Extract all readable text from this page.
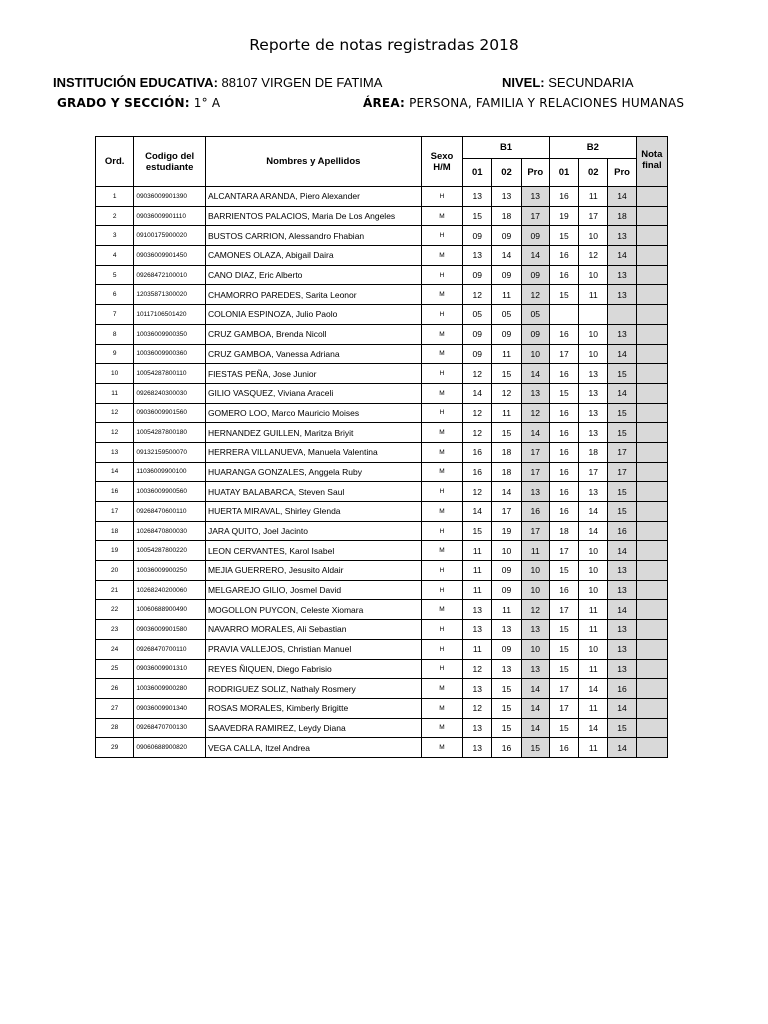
Reporte de notas registradas 2018
INSTITUCIÓN EDUCATIVA: 88107 VIRGEN DE FATIMA	NIVEL: SECUNDARIA
GRADO Y SECCIÓN: 1° A	ÁREA: PERSONA, FAMILIA Y RELACIONES HUMANAS
Ord.	Codigo del estudiante	Nombres y Apellidos	Sexo H/M	B1			B2			Nota final
				01	02	Pro	01	02	Pro	
1	09036009901390	ALCANTARA ARANDA, Piero Alexander	H	13	13	13	16	11	14	
2	09036009901110	BARRIENTOS PALACIOS, Maria De Los Angeles	M	15	18	17	19	17	18	
3	09100175900020	BUSTOS CARRION, Alessandro Fhabian	H	09	09	09	15	10	13	
4	09036009901450	CAMONES OLAZA, Abigail Daira	M	13	14	14	16	12	14	
5	09268472100010	CANO DIAZ, Eric Alberto	H	09	09	09	16	10	13	
6	12035871300020	CHAMORRO PAREDES, Sarita Leonor	M	12	11	12	15	11	13	
7	10117106501420	COLONIA ESPINOZA, Julio Paolo	H	05	05	05				
8	10036009900350	CRUZ GAMBOA, Brenda Nicoll	M	09	09	09	16	10	13	
9	10036009900360	CRUZ GAMBOA, Vanessa Adriana	M	09	11	10	17	10	14	
10	10054287800110	FIESTAS PEÑA, Jose Junior	H	12	15	14	16	13	15	
11	09268240300030	GILIO VASQUEZ, Viviana Araceli	M	14	12	13	15	13	14	
12	09036009901560	GOMERO LOO, Marco Mauricio Moises	H	12	11	12	16	13	15	
12	10054287800180	HERNANDEZ GUILLEN, Maritza Briyit	M	12	15	14	16	13	15	
13	09132159500070	HERRERA VILLANUEVA, Manuela Valentina	M	16	18	17	16	18	17	
14	11036009900100	HUARANGA GONZALES, Anggela Ruby	M	16	18	17	16	17	17	
16	10036009900560	HUATAY BALABARCA, Steven Saul	H	12	14	13	16	13	15	
17	09268470600110	HUERTA MIRAVAL, Shirley Glenda	M	14	17	16	16	14	15	
18	10268470800030	JARA QUITO, Joel Jacinto	H	15	19	17	18	14	16	
19	10054287800220	LEON CERVANTES, Karol Isabel	M	11	10	11	17	10	14	
20	10036009900250	MEJIA GUERRERO, Jesusito Aldair	H	11	09	10	15	10	13	
21	10268240200060	MELGAREJO GILIO, Josmel David	H	11	09	10	16	10	13	
22	10060688900490	MOGOLLON PUYCON, Celeste Xiomara	M	13	11	12	17	11	14	
23	09036009901580	NAVARRO MORALES, Ali Sebastian	H	13	13	13	15	11	13	
24	09268470700110	PRAVIA VALLEJOS, Christian Manuel	H	11	09	10	15	10	13	
25	09036009901310	REYES ÑIQUEN, Diego Fabrisio	H	12	13	13	15	11	13	
26	10036009900280	RODRIGUEZ SOLIZ, Nathaly Rosmery	M	13	15	14	17	14	16	
27	09036009901340	ROSAS MORALES, Kimberly Brigitte	M	12	15	14	17	11	14	
28	09268470700130	SAAVEDRA RAMIREZ, Leydy Diana	M	13	15	14	15	14	15	
29	09060688900820	VEGA CALLA, Itzel Andrea	M	13	16	15	16	11	14	
